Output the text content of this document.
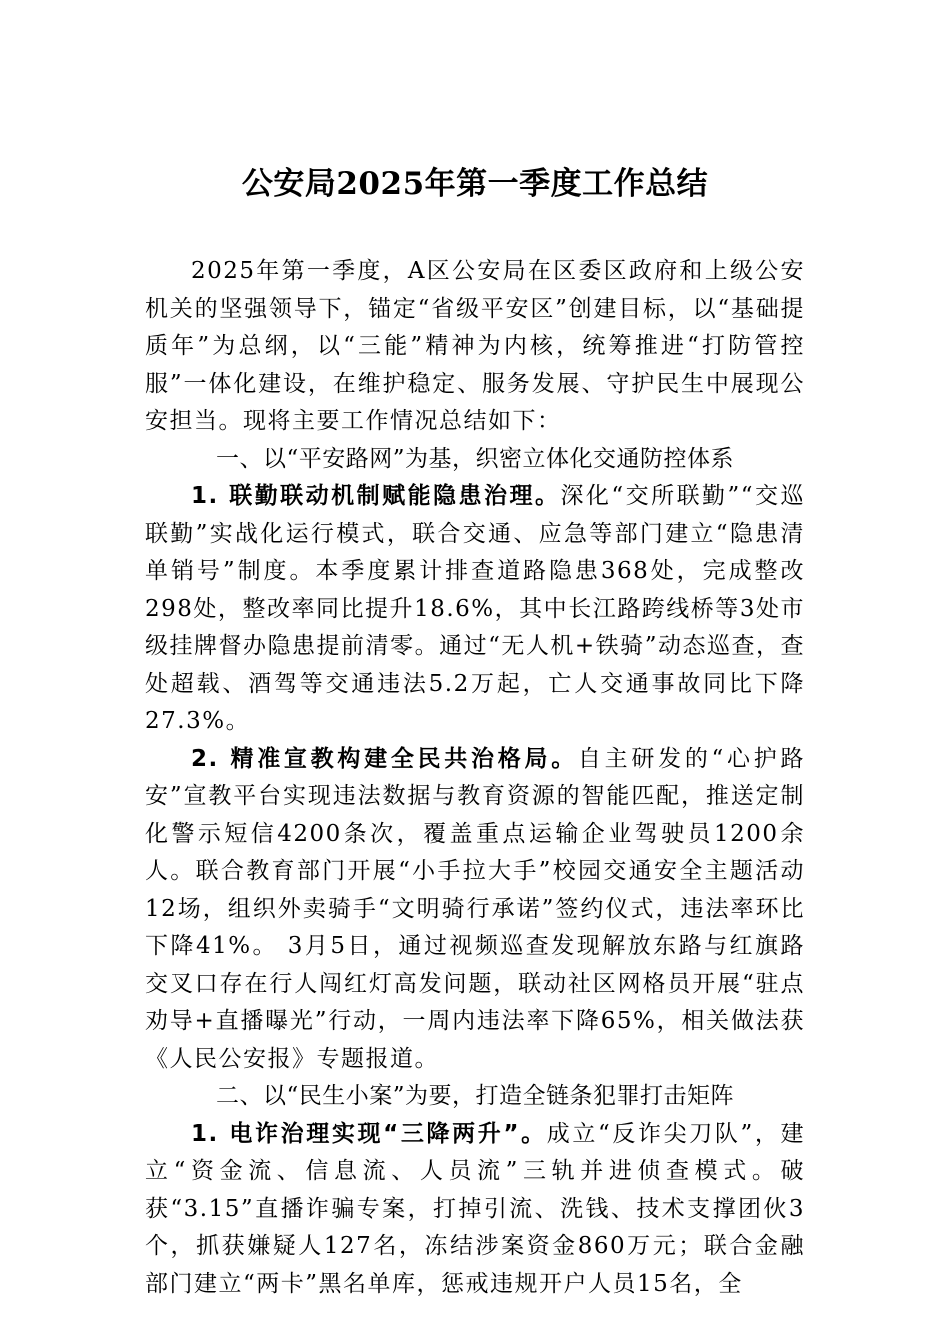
公安局2025年第一季度工作总结

2025年第一季度，A区公安局在区委区政府和上级公安机关的坚强领导下，锚定“省级平安区”创建目标，以“基础提质年”为总纲，以“三能”精神为内核，统筹推进“打防管控服”一体化建设，在维护稳定、服务发展、守护民生中展现公安担当。现将主要工作情况总结如下：

一、以“平安路网”为基，织密立体化交通防控体系

1. 联勤联动机制赋能隐患治理。深化“交所联勤”“交巡联勤”实战化运行模式，联合交通、应急等部门建立“隐患清单销号”制度。本季度累计排查道路隐患368处，完成整改298处，整改率同比提升18.6%，其中长江路跨线桥等3处市级挂牌督办隐患提前清零。通过“无人机+铁骑”动态巡查，查处超载、酒驾等交通违法5.2万起，亡人交通事故同比下降27.3%。

2. 精准宣教构建全民共治格局。自主研发的“心护路安”宣教平台实现违法数据与教育资源的智能匹配，推送定制化警示短信4200条次，覆盖重点运输企业驾驶员1200余人。联合教育部门开展“小手拉大手”校园交通安全主题活动12场，组织外卖骑手“文明骑行承诺”签约仪式，违法率环比下降41%。 3月5日，通过视频巡查发现解放东路与红旗路交叉口存在行人闯红灯高发问题，联动社区网格员开展“驻点劝导+直播曝光”行动，一周内违法率下降65%，相关做法获《人民公安报》专题报道。

二、以“民生小案”为要，打造全链条犯罪打击矩阵

1. 电诈治理实现“三降两升”。成立“反诈尖刀队”，建立“资金流、信息流、人员流”三轨并进侦查模式。破获“3.15”直播诈骗专案，打掉引流、洗钱、技术支撑团伙3个，抓获嫌疑人127名，冻结涉案资金860万元；联合金融部门建立“两卡”黑名单库，惩戒违规开户人员15名，全
